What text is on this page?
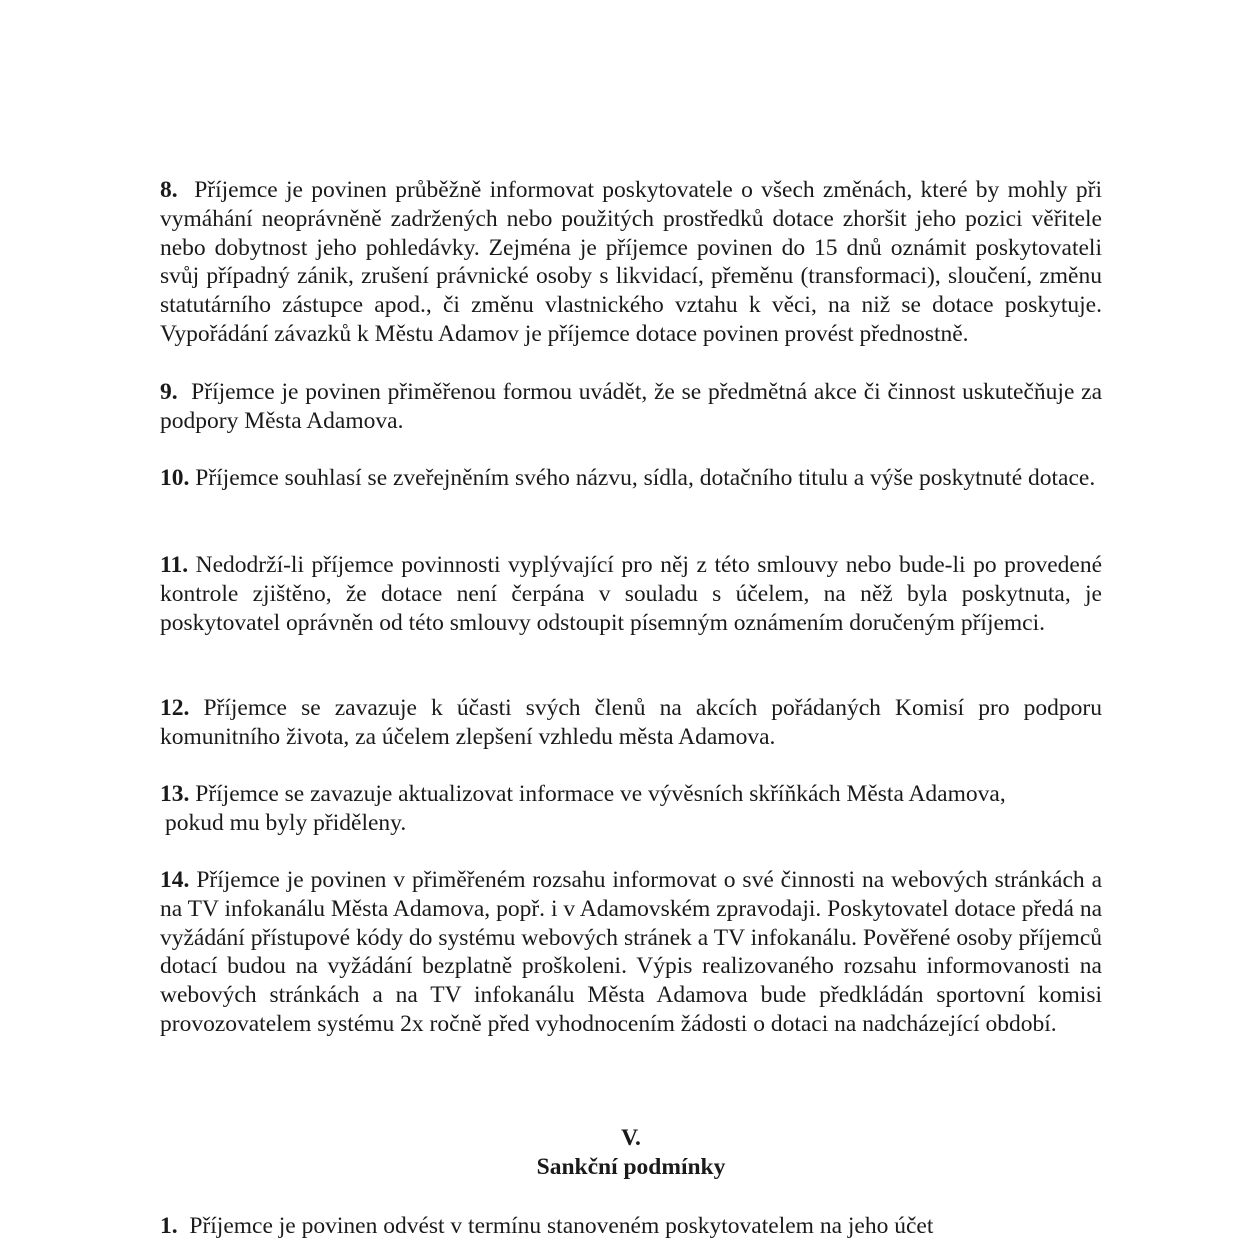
8. Příjemce je povinen průběžně informovat poskytovatele o všech změnách, které by mohly při vymáhání neoprávněně zadržených nebo použitých prostředků dotace zhoršit jeho pozici věřitele nebo dobytnost jeho pohledávky. Zejména je příjemce povinen do 15 dnů oznámit poskytovateli svůj případný zánik, zrušení právnické osoby s likvidací, přeměnu (transformaci), sloučení, změnu statutárního zástupce apod., či změnu vlastnického vztahu k věci, na niž se dotace poskytuje. Vypořádání závazků k Městu Adamov je příjemce dotace povinen provést přednostně.

9. Příjemce je povinen přiměřenou formou uvádět, že se předmětná akce či činnost uskutečňuje za podpory Města Adamova.

10. Příjemce souhlasí se zveřejněním svého názvu, sídla, dotačního titulu a výše poskytnuté dotace.

11. Nedodrží-li příjemce povinnosti vyplývající pro něj z této smlouvy nebo bude-li po provedené kontrole zjištěno, že dotace není čerpána v souladu s účelem, na něž byla poskytnuta, je poskytovatel oprávněn od této smlouvy odstoupit písemným oznámením doručeným příjemci.

12. Příjemce se zavazuje k účasti svých členů na akcích pořádaných Komisí pro podporu komunitního života, za účelem zlepšení vzhledu města Adamova.

13. Příjemce se zavazuje aktualizovat informace ve vývěsních skříňkách Města Adamova,
pokud mu byly přiděleny.

14. Příjemce je povinen v přiměřeném rozsahu informovat o své činnosti na webových stránkách a na TV infokanálu Města Adamova, popř. i v Adamovském zpravodaji. Poskytovatel dotace předá na vyžádání přístupové kódy do systému webových stránek a TV infokanálu. Pověřené osoby příjemců dotací budou na vyžádání bezplatně proškoleni. Výpis realizovaného rozsahu informovanosti na webových stránkách a na TV infokanálu Města Adamova bude předkládán sportovní komisi provozovatelem systému 2x ročně před vyhodnocením žádosti o dotaci na nadcházející období.

V.

Sankční podmínky

1. Příjemce je povinen odvést v termínu stanoveném poskytovatelem na jeho účet
